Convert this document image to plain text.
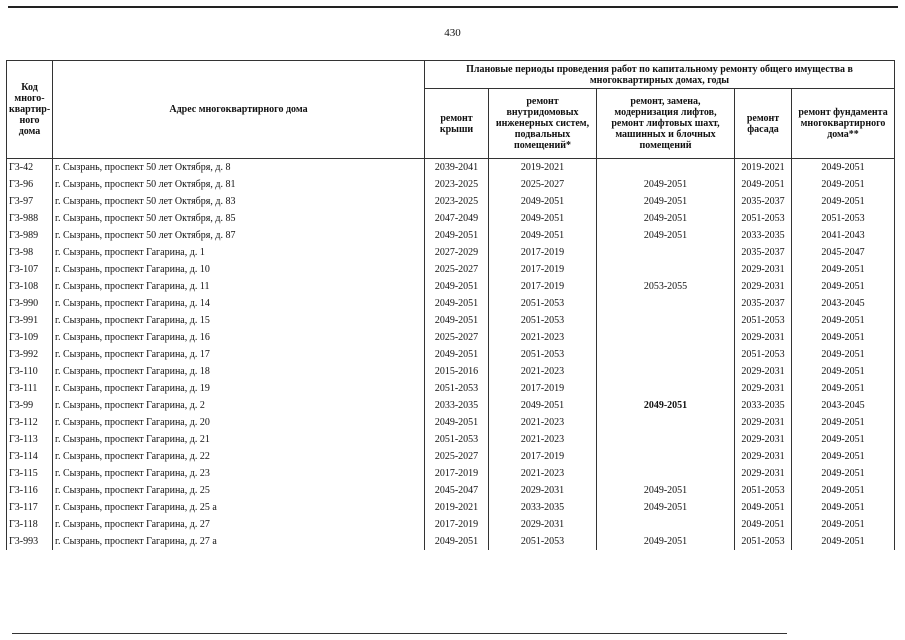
430
Код много-квартир-ного дома	Адрес многоквартирного дома	Плановые периоды проведения работ по капитальному ремонту общего имущества в многоквартирных домах, годы				
		ремонт крыши	ремонт внутридомовых инженерных систем, подвальных помещений*	ремонт, замена, модернизация лифтов, ремонт лифтовых шахт, машинных и блочных помещений	ремонт фасада	ремонт фундамента многоквартирного дома**
Г3-42	г. Сызрань, проспект 50 лет Октября, д. 8	2039-2041	2019-2021		2019-2021	2049-2051
Г3-96	г. Сызрань, проспект 50 лет Октября, д. 81	2023-2025	2025-2027	2049-2051	2049-2051	2049-2051
Г3-97	г. Сызрань, проспект 50 лет Октября, д. 83	2023-2025	2049-2051	2049-2051	2035-2037	2049-2051
Г3-988	г. Сызрань, проспект 50 лет Октября, д. 85	2047-2049	2049-2051	2049-2051	2051-2053	2051-2053
Г3-989	г. Сызрань, проспект 50 лет Октября, д. 87	2049-2051	2049-2051	2049-2051	2033-2035	2041-2043
Г3-98	г. Сызрань, проспект Гагарина, д. 1	2027-2029	2017-2019		2035-2037	2045-2047
Г3-107	г. Сызрань, проспект Гагарина, д. 10	2025-2027	2017-2019		2029-2031	2049-2051
Г3-108	г. Сызрань, проспект Гагарина, д. 11	2049-2051	2017-2019	2053-2055	2029-2031	2049-2051
Г3-990	г. Сызрань, проспект Гагарина, д. 14	2049-2051	2051-2053		2035-2037	2043-2045
Г3-991	г. Сызрань, проспект Гагарина, д. 15	2049-2051	2051-2053		2051-2053	2049-2051
Г3-109	г. Сызрань, проспект Гагарина, д. 16	2025-2027	2021-2023		2029-2031	2049-2051
Г3-992	г. Сызрань, проспект Гагарина, д. 17	2049-2051	2051-2053		2051-2053	2049-2051
Г3-110	г. Сызрань, проспект Гагарина, д. 18	2015-2016	2021-2023		2029-2031	2049-2051
Г3-111	г. Сызрань, проспект Гагарина, д. 19	2051-2053	2017-2019		2029-2031	2049-2051
Г3-99	г. Сызрань, проспект Гагарина, д. 2	2033-2035	2049-2051	2049-2051	2033-2035	2043-2045
Г3-112	г. Сызрань, проспект Гагарина, д. 20	2049-2051	2021-2023		2029-2031	2049-2051
Г3-113	г. Сызрань, проспект Гагарина, д. 21	2051-2053	2021-2023		2029-2031	2049-2051
Г3-114	г. Сызрань, проспект Гагарина, д. 22	2025-2027	2017-2019		2029-2031	2049-2051
Г3-115	г. Сызрань, проспект Гагарина, д. 23	2017-2019	2021-2023		2029-2031	2049-2051
Г3-116	г. Сызрань, проспект Гагарина, д. 25	2045-2047	2029-2031	2049-2051	2051-2053	2049-2051
Г3-117	г. Сызрань, проспект Гагарина, д. 25 а	2019-2021	2033-2035	2049-2051	2049-2051	2049-2051
Г3-118	г. Сызрань, проспект Гагарина, д. 27	2017-2019	2029-2031		2049-2051	2049-2051
Г3-993	г. Сызрань, проспект Гагарина, д. 27 а	2049-2051	2051-2053	2049-2051	2051-2053	2049-2051
